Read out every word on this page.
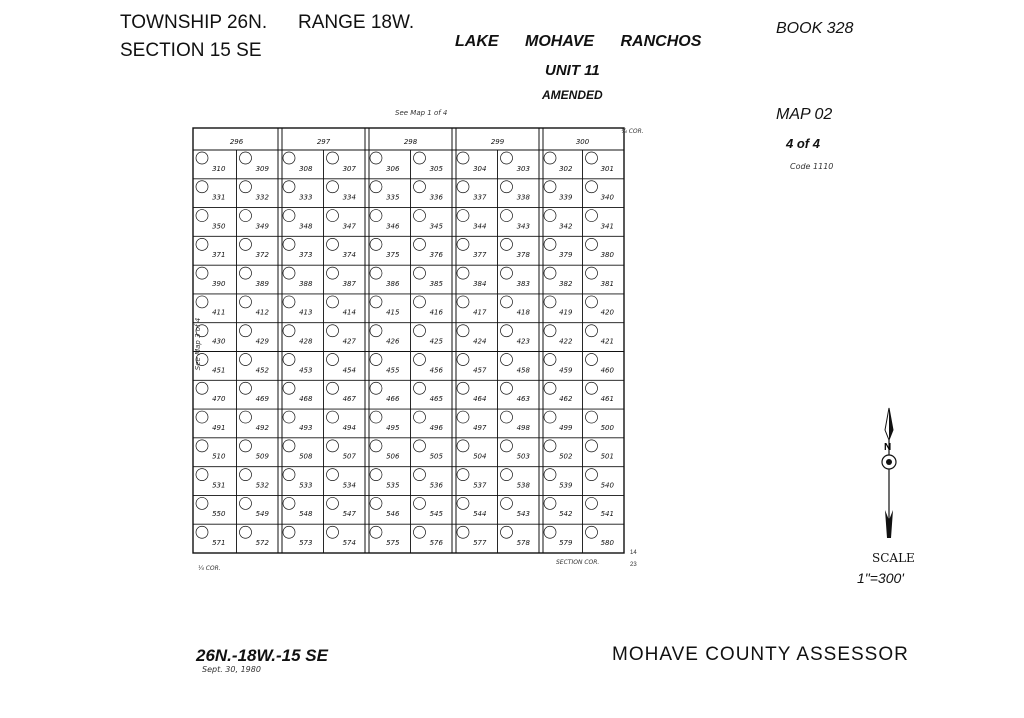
TOWNSHIP 26N.
SECTION 15 SE
RANGE 18W.
LAKE MOHAVE RANCHOS
UNIT 11
AMENDED
BOOK 328
MAP 02
4 of 4
Code 1110
See Map 1 of 4
See Map 3 of 4
SCALE
1"=300'
26N.-18W.-15 SE
Sept. 30, 1980
MOHAVE COUNTY ASSESSOR
296	297	298	299	300
310	309	308	307	306	305	304	303	302	301
331	332	333	334	335	336	337	338	339	340
350	349	348	347	346	345	344	343	342	341
371	372	373	374	375	376	377	378	379	380
390	389	388	387	386	385	384	383	382	381
411	412	413	414	415	416	417	418	419	420
430	429	428	427	426	425	424	423	422	421
451	452	453	454	455	456	457	458	459	460
470	469	468	467	466	465	464	463	462	461
491	492	493	494	495	496	497	498	499	500
510	509	508	507	506	505	504	503	502	501
531	532	533	534	535	536	537	538	539	540
550	549	548	547	546	545	544	543	542	541
571	572	573	574	575	576	577	578	579	580
N
¼ COR.
¼ COR.
SECTION COR.
14
23
